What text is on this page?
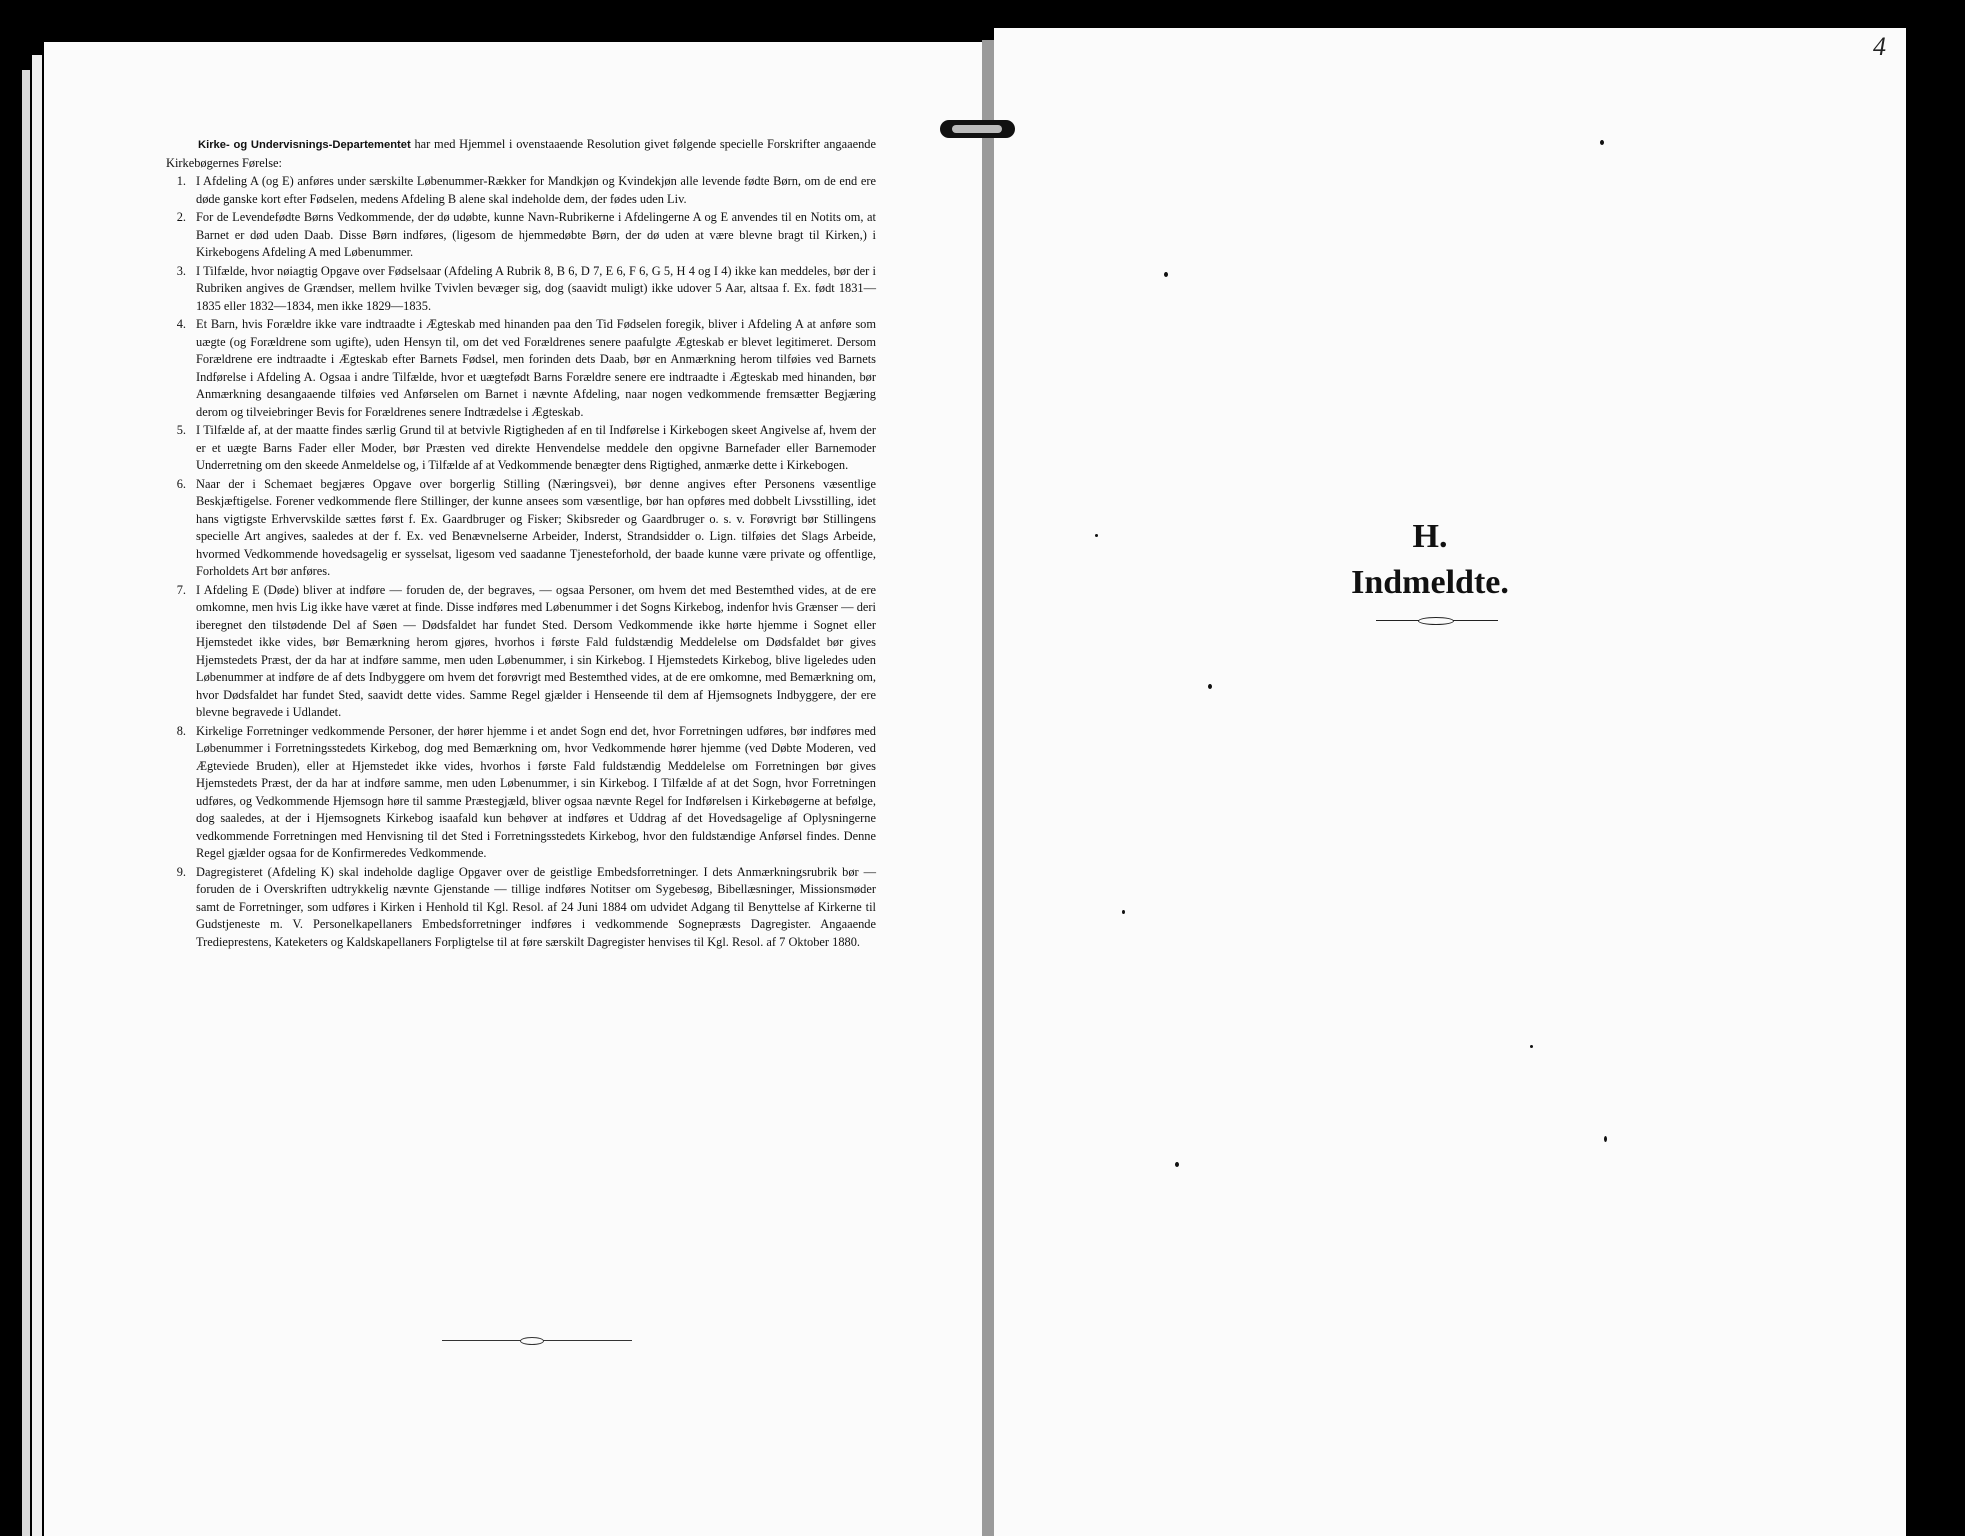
4

Kirke- og Undervisnings-Departementet har med Hjemmel i ovenstaaende Resolution givet følgende specielle Forskrifter angaaende Kirkebøgernes Førelse:

1. I Afdeling A (og E) anføres under særskilte Løbenummer-Rækker for Mandkjøn og Kvindekjøn alle levende fødte Børn, om de end ere døde ganske kort efter Fødselen, medens Afdeling B alene skal indeholde dem, der fødes uden Liv.
2. For de Levendefødte Børns Vedkommende, der dø udøbte, kunne Navn-Rubrikerne i Afdelingerne A og E anvendes til en Notits om, at Barnet er død uden Daab. Disse Børn indføres, (ligesom de hjemmedøbte Børn, der dø uden at være blevne bragt til Kirken,) i Kirkebogens Afdeling A med Løbenummer.
3. I Tilfælde, hvor nøiagtig Opgave over Fødselsaar (Afdeling A Rubrik 8, B 6, D 7, E 6, F 6, G 5, H 4 og I 4) ikke kan meddeles, bør der i Rubriken angives de Grændser, mellem hvilke Tvivlen bevæger sig, dog (saavidt muligt) ikke udover 5 Aar, altsaa f. Ex. født 1831—1835 eller 1832—1834, men ikke 1829—1835.
4. Et Barn, hvis Forældre ikke vare indtraadte i Ægteskab med hinanden paa den Tid Fødselen foregik, bliver i Afdeling A at anføre som uægte (og Forældrene som ugifte), uden Hensyn til, om det ved Forældrenes senere paafulgte Ægteskab er blevet legitimeret. Dersom Forældrene ere indtraadte i Ægteskab efter Barnets Fødsel, men forinden dets Daab, bør en Anmærkning herom tilføies ved Barnets Indførelse i Afdeling A. Ogsaa i andre Tilfælde, hvor et uægtefødt Barns Forældre senere ere indtraadte i Ægteskab med hinanden, bør Anmærkning desangaaende tilføies ved Anførselen om Barnet i nævnte Afdeling, naar nogen vedkommende fremsætter Begjæring derom og tilveiebringer Bevis for Forældrenes senere Indtrædelse i Ægteskab.
5. I Tilfælde af, at der maatte findes særlig Grund til at betvivle Rigtigheden af en til Indførelse i Kirkebogen skeet Angivelse af, hvem der er et uægte Barns Fader eller Moder, bør Præsten ved direkte Henvendelse meddele den opgivne Barnefader eller Barnemoder Underretning om den skeede Anmeldelse og, i Tilfælde af at Vedkommende benægter dens Rigtighed, anmærke dette i Kirkebogen.
6. Naar der i Schemaet begjæres Opgave over borgerlig Stilling (Næringsvei), bør denne angives efter Personens væsentlige Beskjæftigelse. Forener vedkommende flere Stillinger, der kunne ansees som væsentlige, bør han opføres med dobbelt Livsstilling, idet hans vigtigste Erhvervskilde sættes først f. Ex. Gaardbruger og Fisker; Skibsreder og Gaardbruger o. s. v. Forøvrigt bør Stillingens specielle Art angives, saaledes at der f. Ex. ved Benævnelserne Arbeider, Inderst, Strandsidder o. Lign. tilføies det Slags Arbeide, hvormed Vedkommende hovedsagelig er sysselsat, ligesom ved saadanne Tjenesteforhold, der baade kunne være private og offentlige, Forholdets Art bør anføres.
7. I Afdeling E (Døde) bliver at indføre — foruden de, der begraves, — ogsaa Personer, om hvem det med Bestemthed vides, at de ere omkomne, men hvis Lig ikke have været at finde. Disse indføres med Løbenummer i det Sogns Kirkebog, indenfor hvis Grænser — deri iberegnet den tilstødende Del af Søen — Dødsfaldet har fundet Sted. Dersom Vedkommende ikke hørte hjemme i Sognet eller Hjemstedet ikke vides, bør Bemærkning herom gjøres, hvorhos i første Fald fuldstændig Meddelelse om Dødsfaldet bør gives Hjemstedets Præst, der da har at indføre samme, men uden Løbenummer, i sin Kirkebog. I Hjemstedets Kirkebog, blive ligeledes uden Løbenummer at indføre de af dets Indbyggere om hvem det forøvrigt med Bestemthed vides, at de ere omkomne, med Bemærkning om, hvor Dødsfaldet har fundet Sted, saavidt dette vides. Samme Regel gjælder i Henseende til dem af Hjemsognets Indbyggere, der ere blevne begravede i Udlandet.
8. Kirkelige Forretninger vedkommende Personer, der hører hjemme i et andet Sogn end det, hvor Forretningen udføres, bør indføres med Løbenummer i Forretningsstedets Kirkebog, dog med Bemærkning om, hvor Vedkommende hører hjemme (ved Døbte Moderen, ved Ægteviede Bruden), eller at Hjemstedet ikke vides, hvorhos i første Fald fuldstændig Meddelelse om Forretningen bør gives Hjemstedets Præst, der da har at indføre samme, men uden Løbenummer, i sin Kirkebog. I Tilfælde af at det Sogn, hvor Forretningen udføres, og Vedkommende Hjemsogn høre til samme Præstegjæld, bliver ogsaa nævnte Regel for Indførelsen i Kirkebøgerne at befølge, dog saaledes, at der i Hjemsognets Kirkebog isaafald kun behøver at indføres et Uddrag af det Hovedsagelige af Oplysningerne vedkommende Forretningen med Henvisning til det Sted i Forretningsstedets Kirkebog, hvor den fuldstændige Anførsel findes. Denne Regel gjælder ogsaa for de Konfirmeredes Vedkommende.
9. Dagregisteret (Afdeling K) skal indeholde daglige Opgaver over de geistlige Embedsforretninger. I dets Anmærkningsrubrik bør — foruden de i Overskriften udtrykkelig nævnte Gjenstande — tillige indføres Notitser om Sygebesøg, Bibellæsninger, Missionsmøder samt de Forretninger, som udføres i Kirken i Henhold til Kgl. Resol. af 24 Juni 1884 om udvidet Adgang til Benyttelse af Kirkerne til Gudstjeneste m. V. Personelkapellaners Embedsforretninger indføres i vedkommende Sognepræsts Dagregister. Angaaende Tredieprestens, Kateketers og Kaldskapellaners Forpligtelse til at føre særskilt Dagregister henvises til Kgl. Resol. af 7 Oktober 1880.
H.
Indmeldte.
